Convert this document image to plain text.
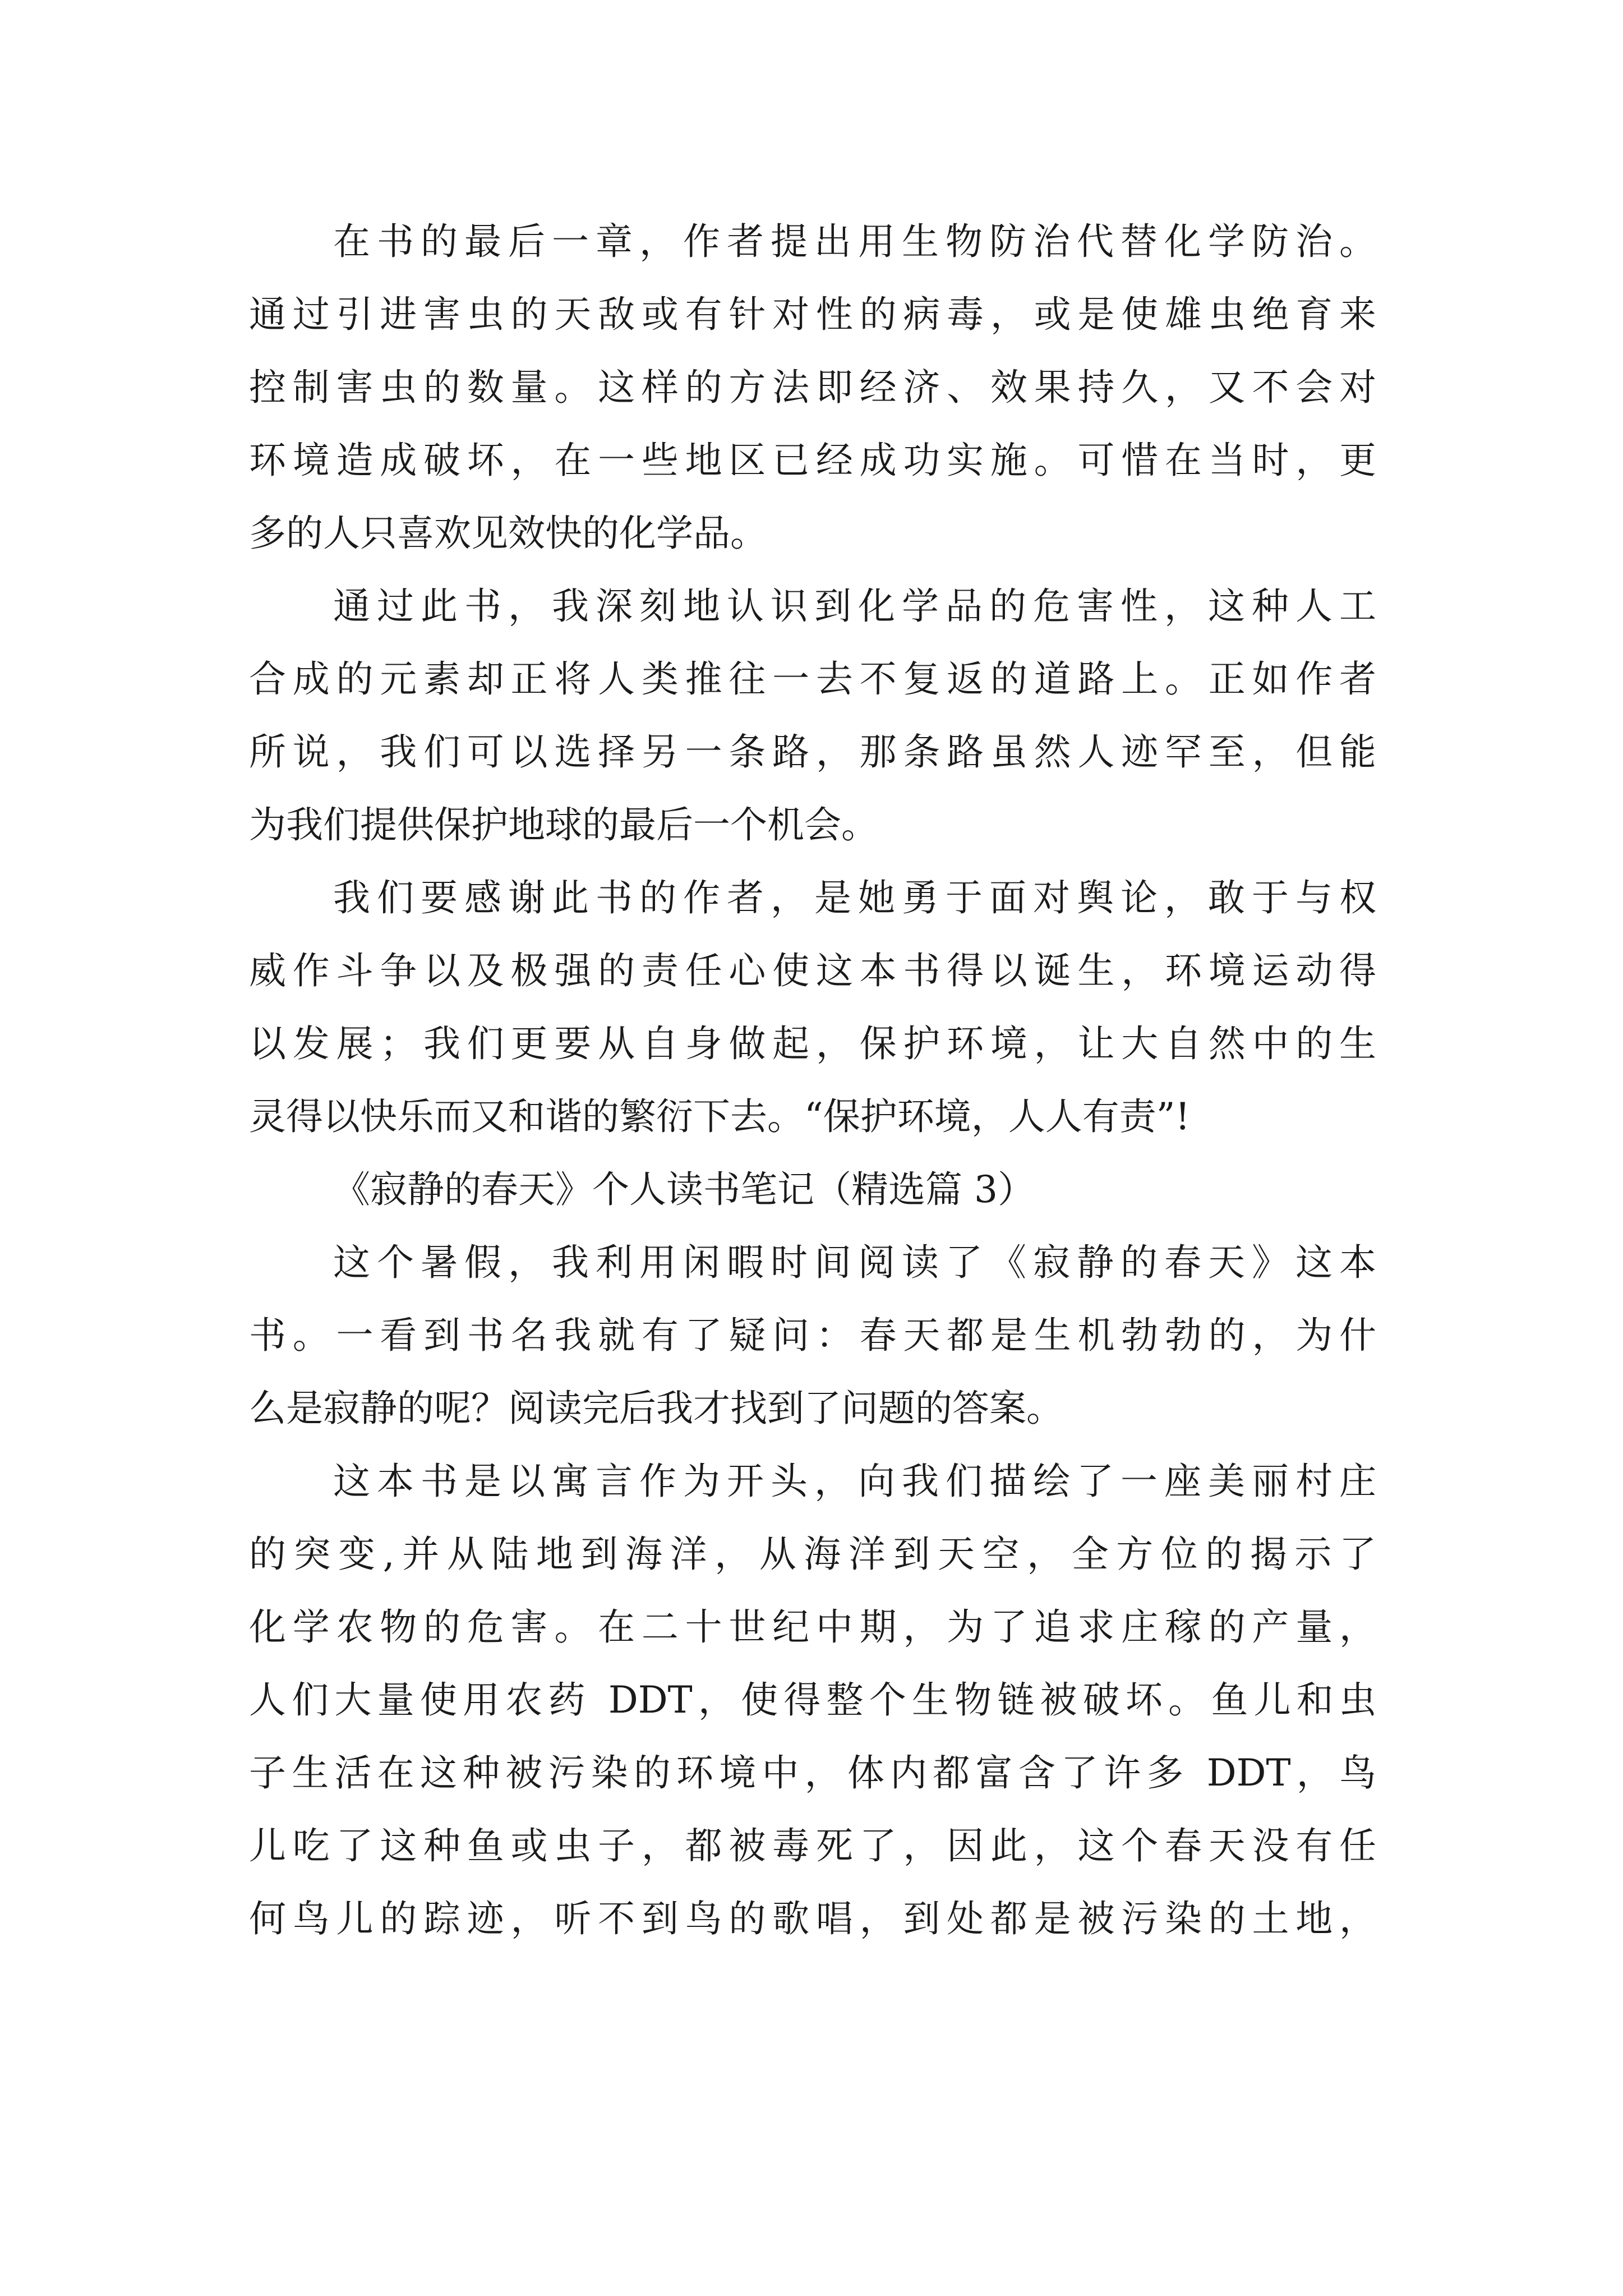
在书的最后一章，作者提出用生物防治代替化学防治。
通过引进害虫的天敌或有针对性的病毒，或是使雄虫绝育来
控制害虫的数量。这样的方法即经济、效果持久，又不会对
环境造成破坏，在一些地区已经成功实施。可惜在当时，更
多的人只喜欢见效快的化学品。
通过此书，我深刻地认识到化学品的危害性，这种人工
合成的元素却正将人类推往一去不复返的道路上。正如作者
所说，我们可以选择另一条路，那条路虽然人迹罕至，但能
为我们提供保护地球的最后一个机会。
我们要感谢此书的作者，是她勇于面对舆论，敢于与权
威作斗争以及极强的责任心使这本书得以诞生，环境运动得
以发展；我们更要从自身做起，保护环境，让大自然中的生
灵得以快乐而又和谐的繁衍下去。“保护环境，人人有责”!
《寂静的春天》个人读书笔记（精选篇 3）
这个暑假，我利用闲暇时间阅读了《寂静的春天》这本
书。一看到书名我就有了疑问：春天都是生机勃勃的，为什
么是寂静的呢？阅读完后我才找到了问题的答案。
这本书是以寓言作为开头，向我们描绘了一座美丽村庄
的突变,并从陆地到海洋，从海洋到天空，全方位的揭示了
化学农物的危害。在二十世纪中期，为了追求庄稼的产量，
人们大量使用农药 DDT，使得整个生物链被破坏。鱼儿和虫
子生活在这种被污染的环境中，体内都富含了许多 DDT，鸟
儿吃了这种鱼或虫子，都被毒死了，因此，这个春天没有任
何鸟儿的踪迹，听不到鸟的歌唱，到处都是被污染的土地，
